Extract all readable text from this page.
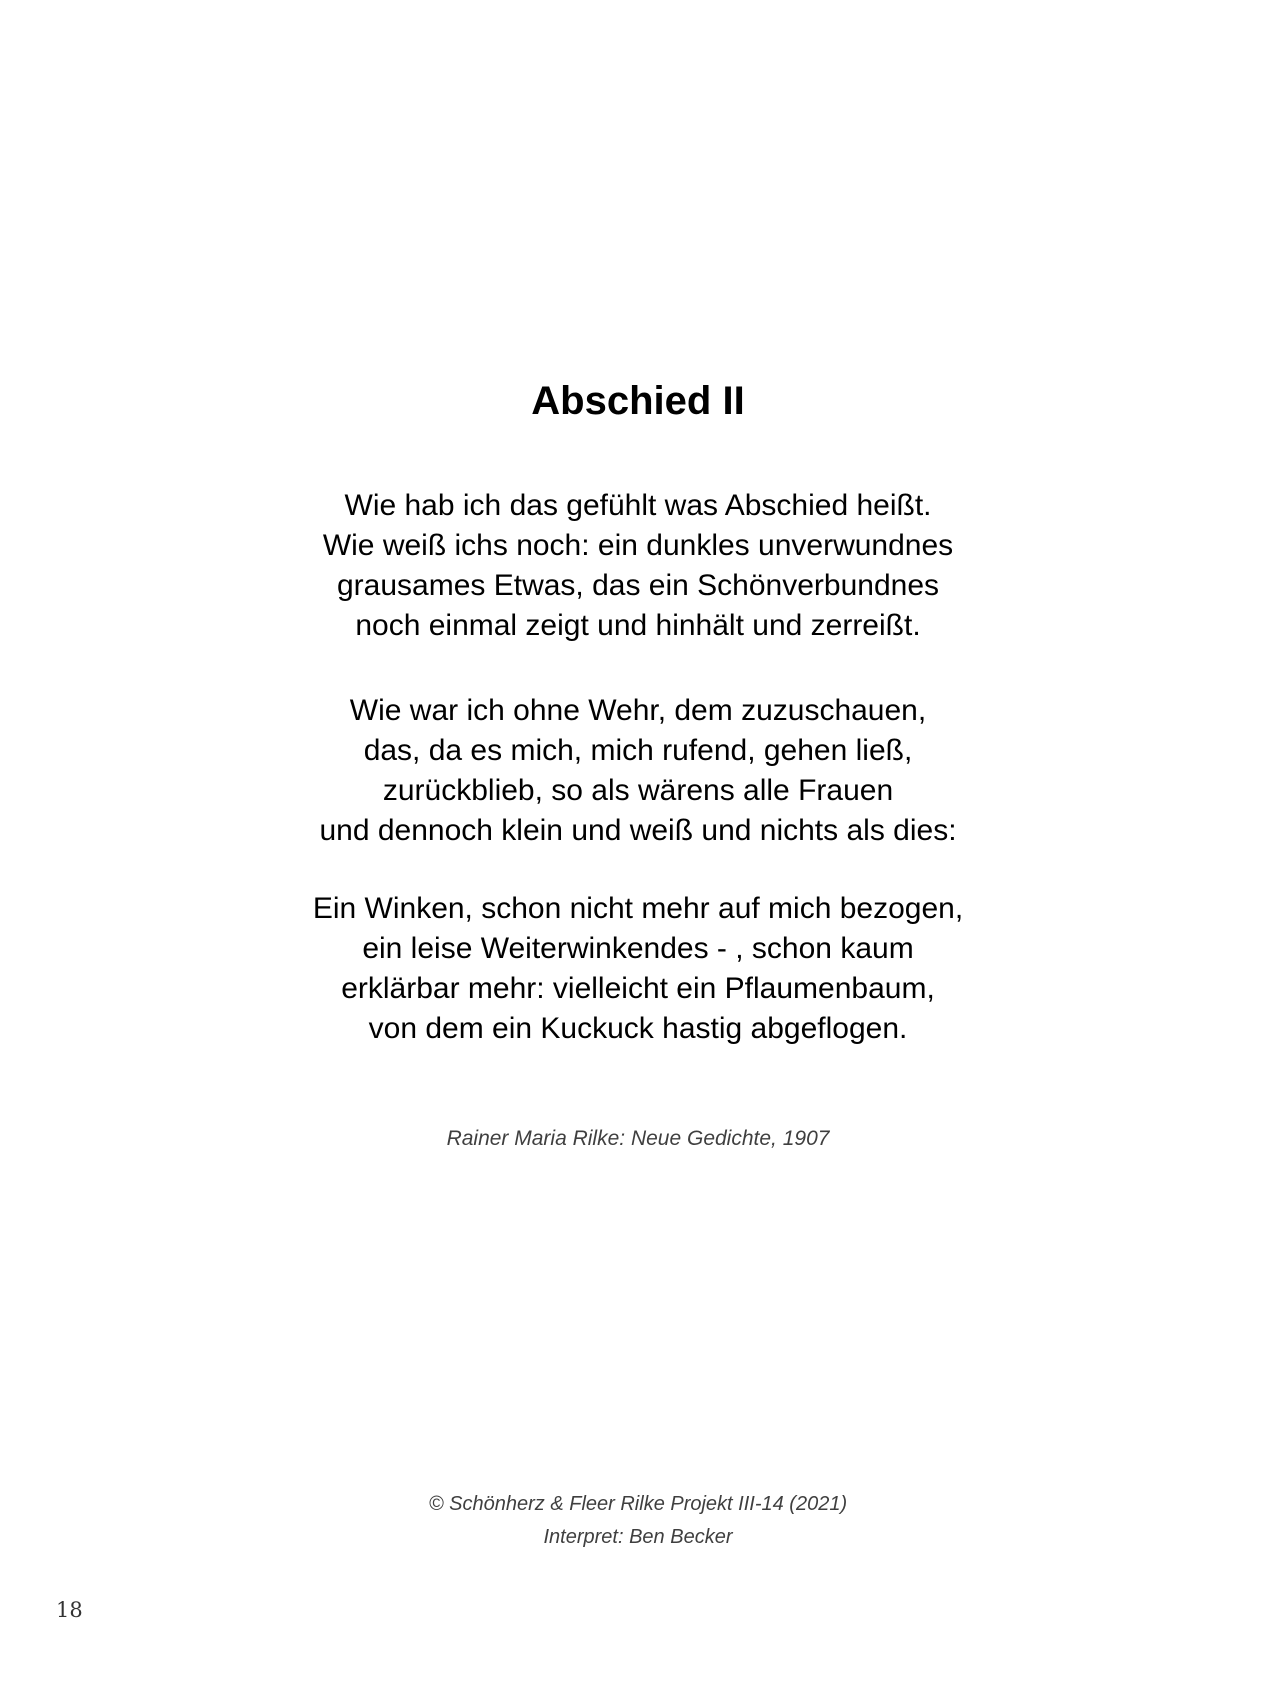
Abschied II
Wie hab ich das gefühlt was Abschied heißt.
Wie weiß ichs noch: ein dunkles unverwundnes
grausames Etwas, das ein Schönverbundnes
noch einmal zeigt und hinhält und zerreißt.
Wie war ich ohne Wehr, dem zuzuschauen,
das, da es mich, mich rufend, gehen ließ,
zurückblieb, so als wärens alle Frauen
und dennoch klein und weiß und nichts als dies:
Ein Winken, schon nicht mehr auf mich bezogen,
ein leise Weiterwinkendes - , schon kaum
erklärbar mehr: vielleicht ein Pflaumenbaum,
von dem ein Kuckuck hastig abgeflogen.
Rainer Maria Rilke: Neue Gedichte, 1907
© Schönherz & Fleer Rilke Projekt III-14 (2021)
Interpret: Ben Becker
18
